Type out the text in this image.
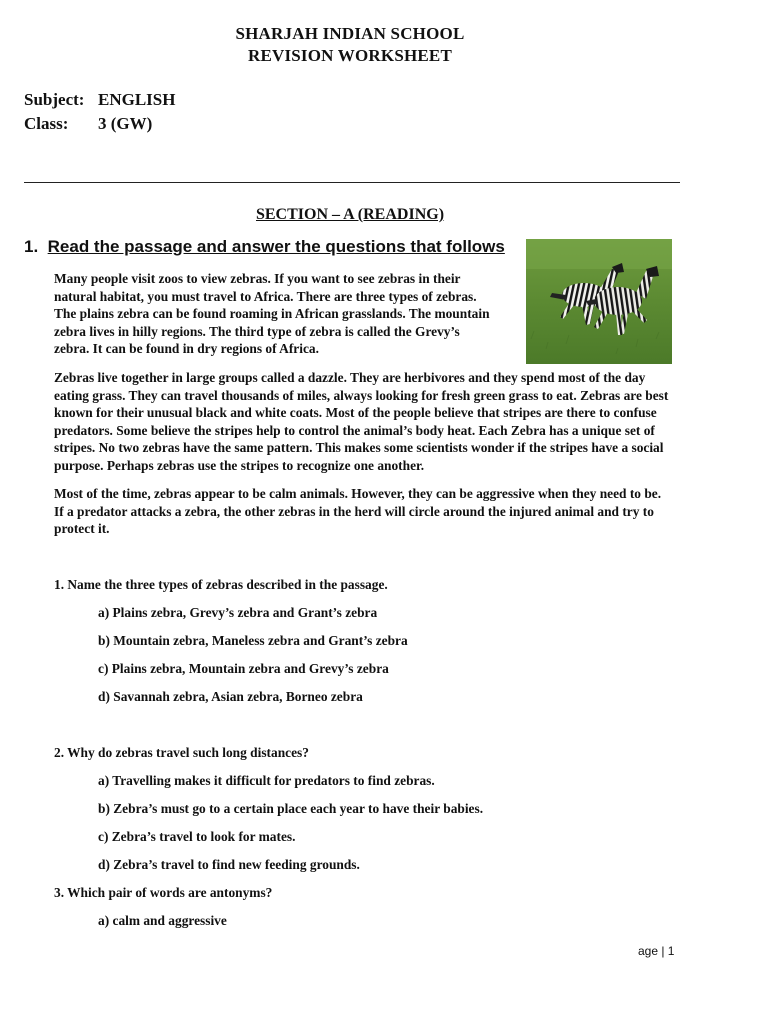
SHARJAH INDIAN SCHOOL
REVISION WORKSHEET
Subject: ENGLISH
Class: 3 (GW)
SECTION – A (READING)
1. Read the passage and answer the questions that follows
Many people visit zoos to view zebras. If you want to see zebras in their
natural habitat, you must travel to Africa. There are three types of zebras.
The plains zebra can be found roaming in African grasslands. The mountain
zebra lives in hilly regions. The third type of zebra is called the Grevy’s
zebra. It can be found in dry regions of Africa.
Zebras live together in large groups called a dazzle. They are herbivores and they spend most of the day eating grass. They can travel thousands of miles, always looking for fresh green grass to eat. Zebras are best known for their unusual black and white coats. Most of the people believe that stripes are there to confuse predators. Some believe the stripes help to control the animal’s body heat. Each Zebra has a unique set of stripes. No two zebras have the same pattern. This makes some scientists wonder if the stripes have a social purpose. Perhaps zebras use the stripes to recognize one another.
Most of the time, zebras appear to be calm animals. However, they can be aggressive when they need to be. If a predator attacks a zebra, the other zebras in the herd will circle around the injured animal and try to protect it.
1. Name the three types of zebras described in the passage.
a) Plains zebra, Grevy’s zebra and Grant’s zebra
b) Mountain zebra, Maneless zebra and Grant’s zebra
c) Plains zebra, Mountain zebra and Grevy’s zebra
d) Savannah zebra, Asian zebra, Borneo zebra
2. Why do zebras travel such long distances?
a) Travelling makes it difficult for predators to find zebras.
b) Zebra’s must go to a certain place each year to have their babies.
c) Zebra’s travel to look for mates.
d) Zebra’s travel to find new feeding grounds.
3. Which pair of words are antonyms?
a) calm and aggressive
age | 1
